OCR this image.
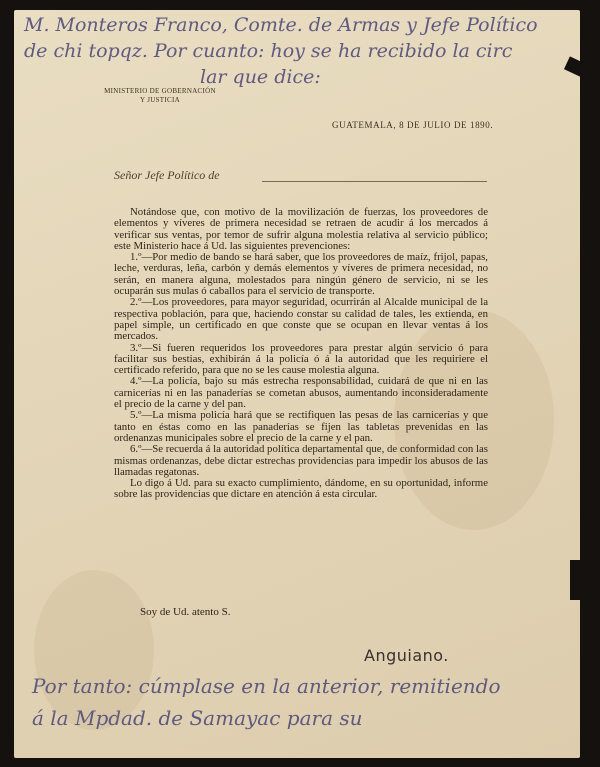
M. Monteros Franco, Comte. de Armas y Jefe Político
de chi topqz. Por cuanto: hoy se ha recibido la circ
lar que dice:
MINISTERIO DE GOBERNACIÓN
Y JUSTICIA
GUATEMALA, 8 DE JULIO DE 1890.
Señor Jefe Político de

Notándose que, con motivo de la movilización de fuerzas, los proveedores de elementos y víveres de primera necesidad se retraen de acudir á los mercados á verificar sus ventas, por temor de sufrir alguna molestia relativa al servicio público; este Ministerio hace á Ud. las siguientes prevenciones:

1.º—Por medio de bando se hará saber, que los proveedores de maíz, frijol, papas, leche, verduras, leña, carbón y demás elementos y víveres de primera necesidad, no serán, en manera alguna, molestados para ningún género de servicio, ni se les ocuparán sus mulas ó caballos para el servicio de transporte.

2.º—Los proveedores, para mayor seguridad, ocurrirán al Alcalde municipal de la respectiva población, para que, haciendo constar su calidad de tales, les extienda, en papel simple, un certificado en que conste que se ocupan en llevar ventas á los mercados.

3.º—Si fueren requeridos los proveedores para prestar algún servicio ó para facilitar sus bestias, exhibirán á la policía ó á la autoridad que les requiriere el certificado referido, para que no se les cause molestia alguna.

4.º—La policía, bajo su más estrecha responsabilidad, cuidará de que ni en las carnicerías ni en las panaderías se cometan abusos, aumentando inconsideradamente el precio de la carne y del pan.

5.º—La misma policía hará que se rectifiquen las pesas de las carnicerías y que tanto en éstas como en las panaderías se fijen las tabletas prevenidas en las ordenanzas municipales sobre el precio de la carne y el pan.

6.º—Se recuerda á la autoridad política departamental que, de conformidad con las mismas ordenanzas, debe dictar estrechas providencias para impedir los abusos de las llamadas regatonas.

Lo digo á Ud. para su exacto cumplimiento, dándome, en su oportunidad, informe sobre las providencias que dictare en atención á esta circular.

Soy de Ud. atento S.
Anguiano.
Por tanto: cúmplase en la anterior, remitiendo
á la Mpdad. de Samayac para su
